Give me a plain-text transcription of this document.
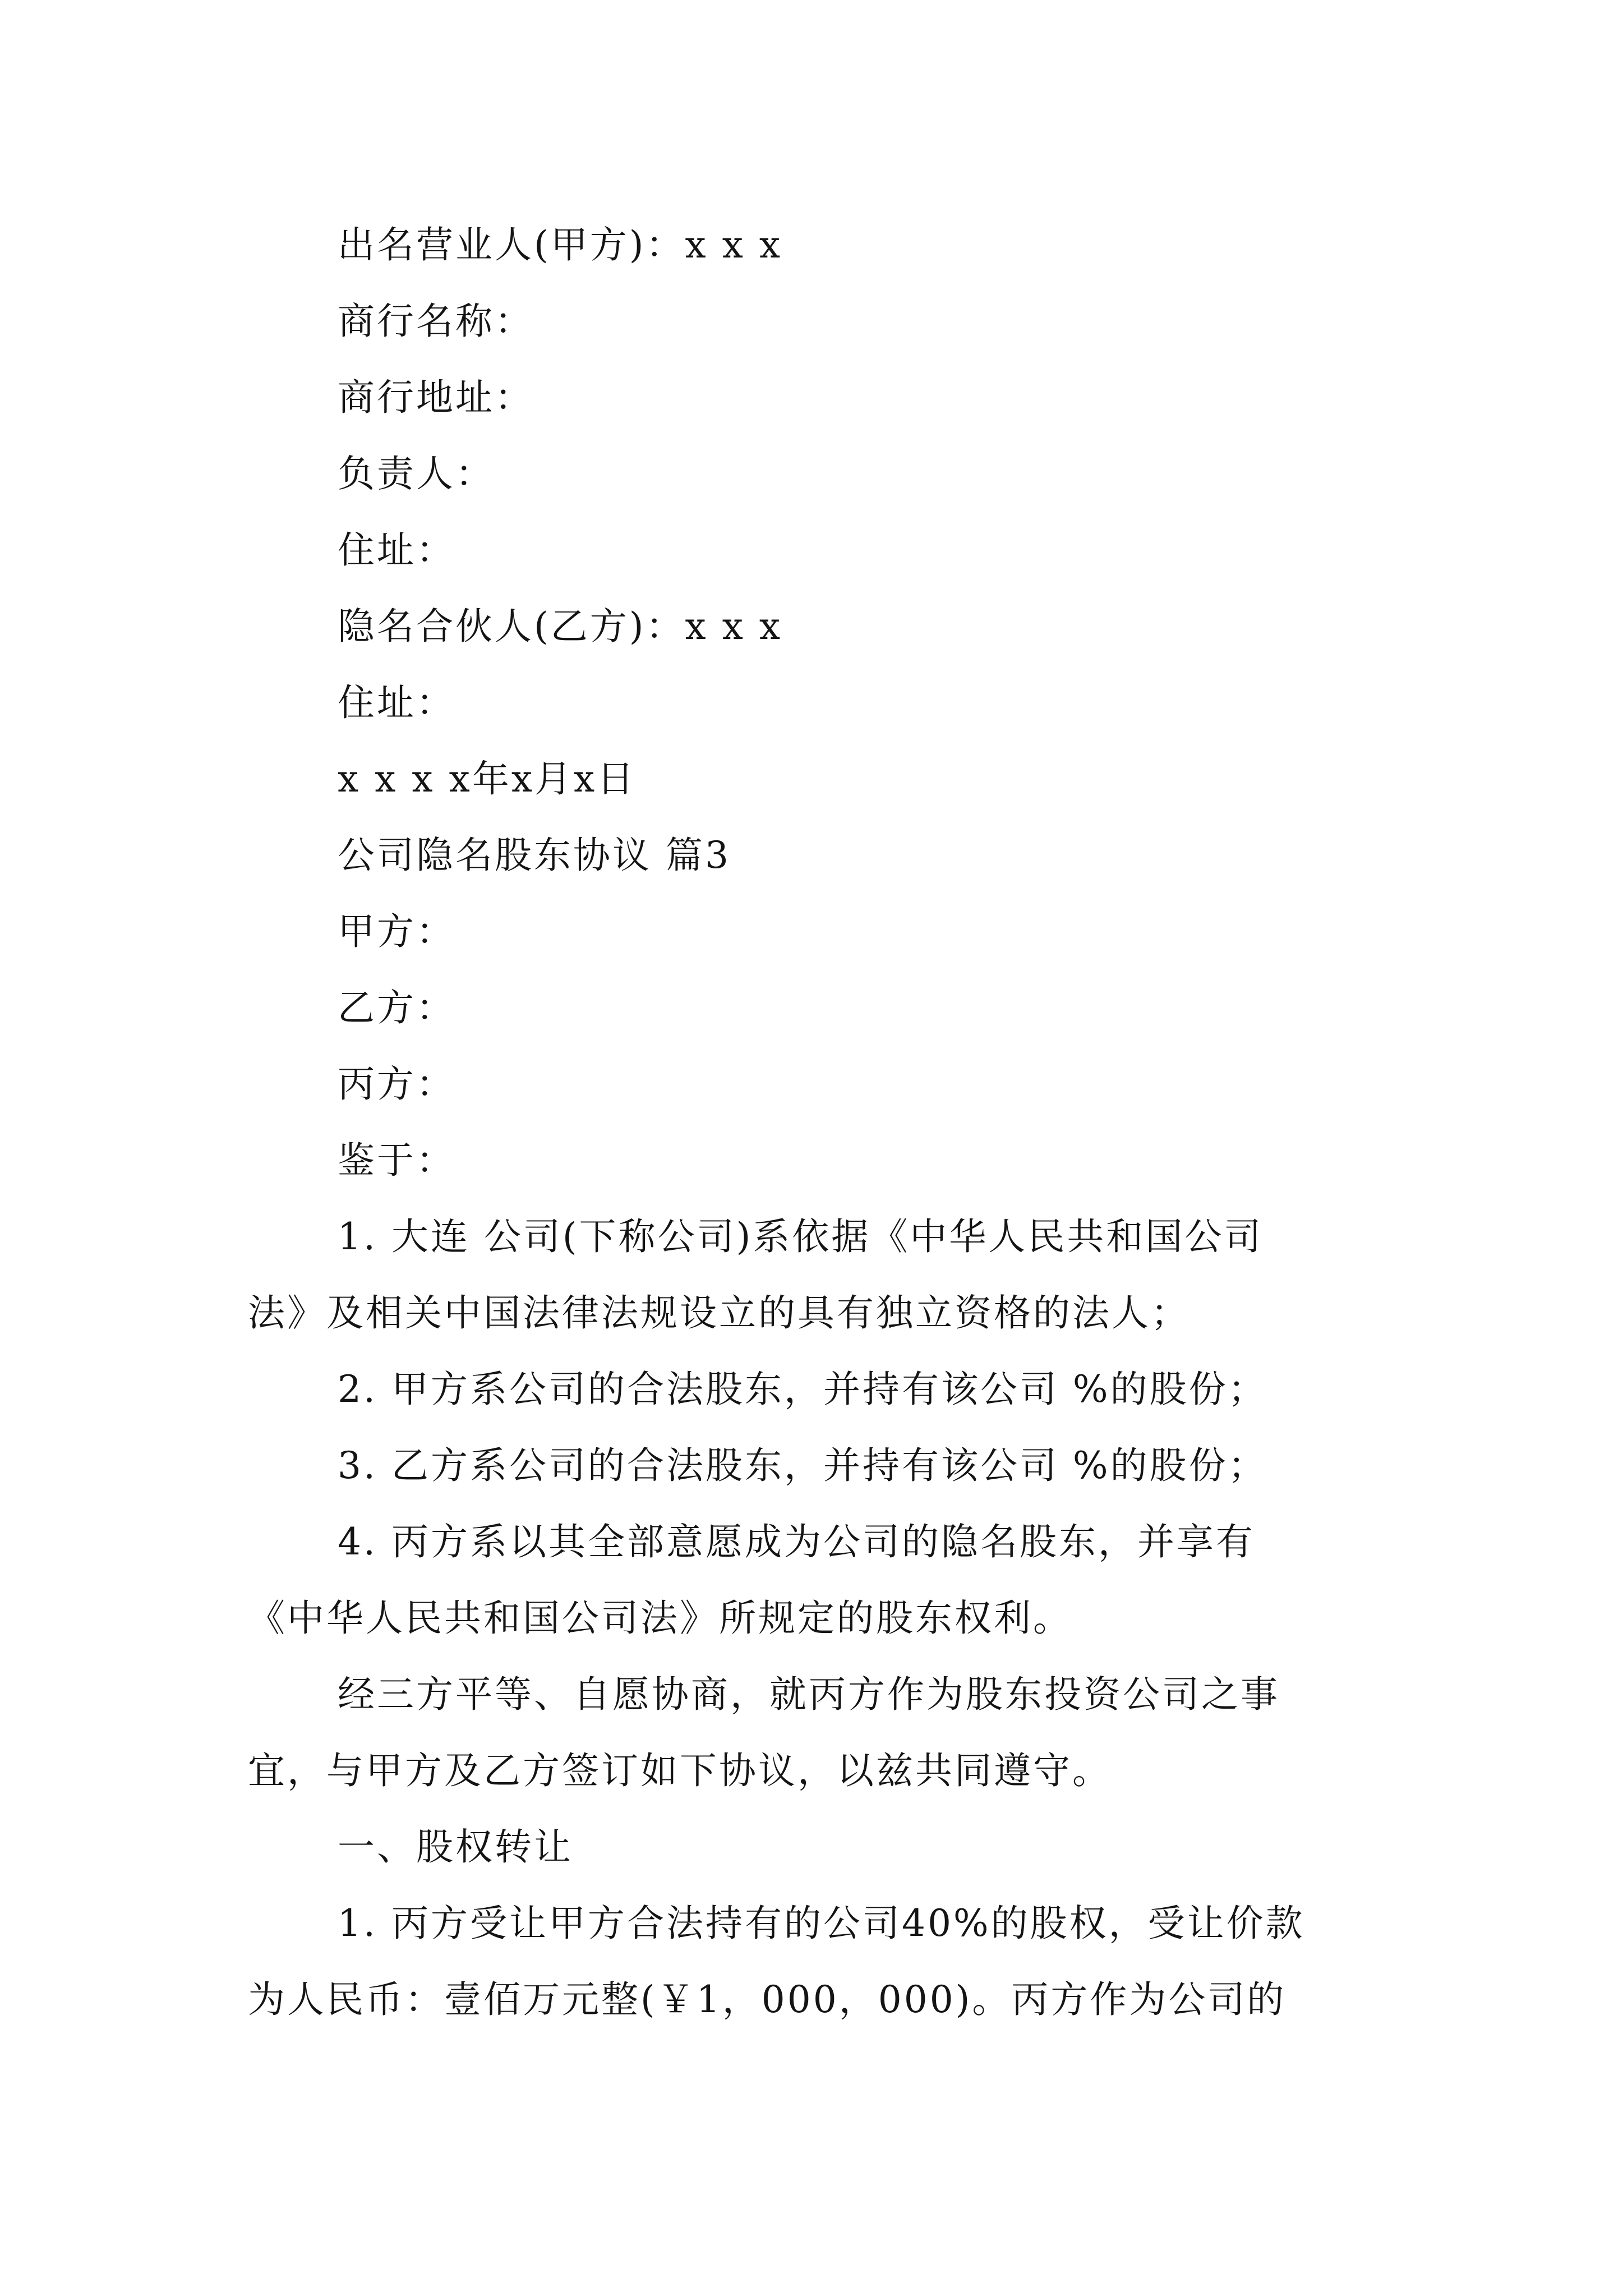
出名营业人(甲方)：x x x
商行名称：
商行地址：
负责人：
住址：
隐名合伙人(乙方)：x x x
住址：
x x x x年x月x日
公司隐名股东协议 篇3
甲方：
乙方：
丙方：
鉴于：
1. 大连 公司(下称公司)系依据《中华人民共和国公司
法》及相关中国法律法规设立的具有独立资格的法人；
2. 甲方系公司的合法股东，并持有该公司 %的股份；
3. 乙方系公司的合法股东，并持有该公司 %的股份；
4. 丙方系以其全部意愿成为公司的隐名股东，并享有
《中华人民共和国公司法》所规定的股东权利。
经三方平等、自愿协商，就丙方作为股东投资公司之事
宜，与甲方及乙方签订如下协议，以兹共同遵守。
一、股权转让
1. 丙方受让甲方合法持有的公司40%的股权，受让价款
为人民币：壹佰万元整(￥1，000，000)。丙方作为公司的
